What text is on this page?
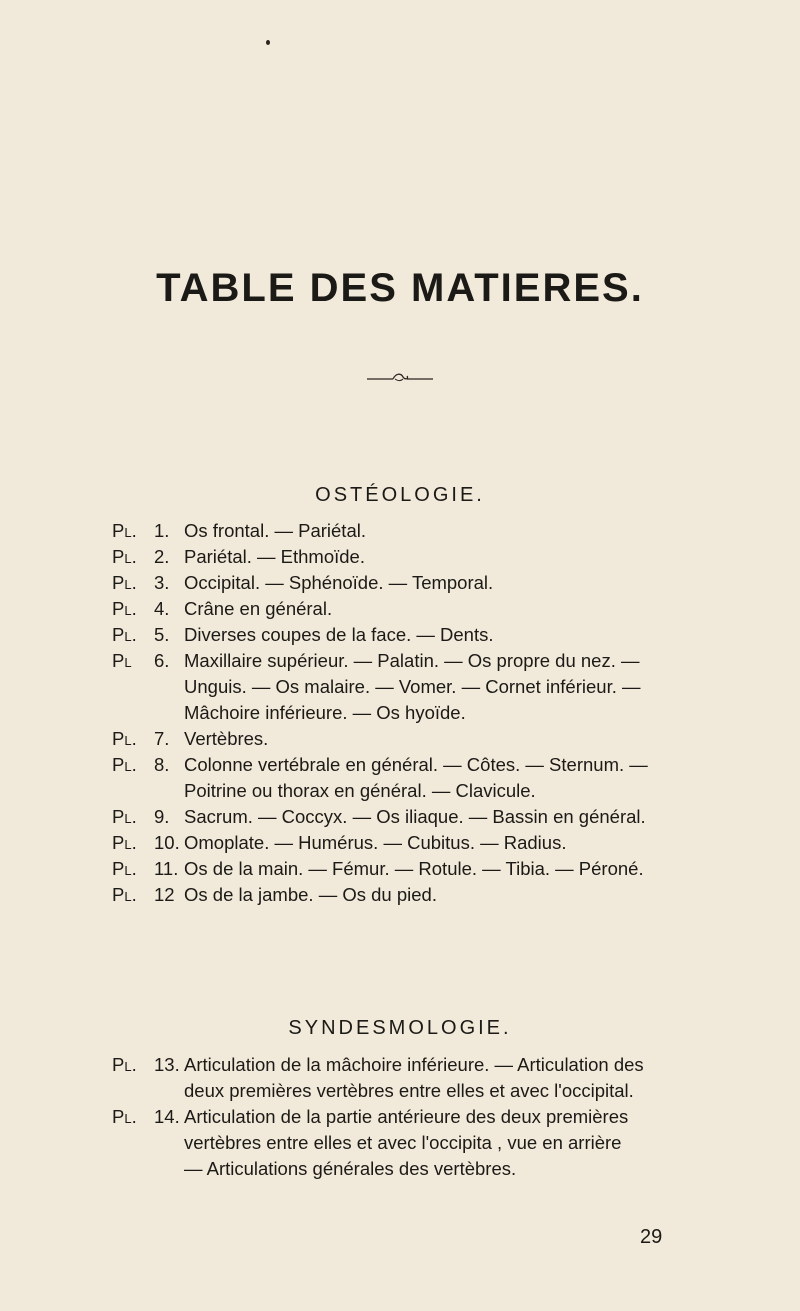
TABLE DES MATIERES.
OSTÉOLOGIE.
Pl. 1. Os frontal. — Pariétal.
Pl. 2. Pariétal. — Ethmoïde.
Pl. 3. Occipital. — Sphénoïde. — Temporal.
Pl. 4. Crâne en général.
Pl. 5. Diverses coupes de la face. — Dents.
Pl	6. Maxillaire supérieur. — Palatin. — Os propre du nez. —
Unguis. — Os malaire. — Vomer. — Cornet inférieur. —
Mâchoire inférieure. — Os hyoïde.
Pl. 7. Vertèbres.
Pl. 8. Colonne vertébrale en général. — Côtes. — Sternum. —
Poitrine ou thorax en général. — Clavicule.
Pl. 9. Sacrum. — Coccyx. — Os iliaque. — Bassin en général.
Pl. 10. Omoplate. — Humérus. — Cubitus. — Radius.
Pl. 11. Os de la main. — Fémur. — Rotule. — Tibia. — Péroné.
Pl. 12 Os de la jambe. — Os du pied.
SYNDESMOLOGIE.
Pl. 13. Articulation de la mâchoire inférieure. — Articulation des
deux premières vertèbres entre elles et avec l'occipital.
Pl. 14. Articulation de la partie antérieure des deux premières
vertèbres entre elles et avec l'occipita , vue en arrière
— Articulations générales des vertèbres.
29
